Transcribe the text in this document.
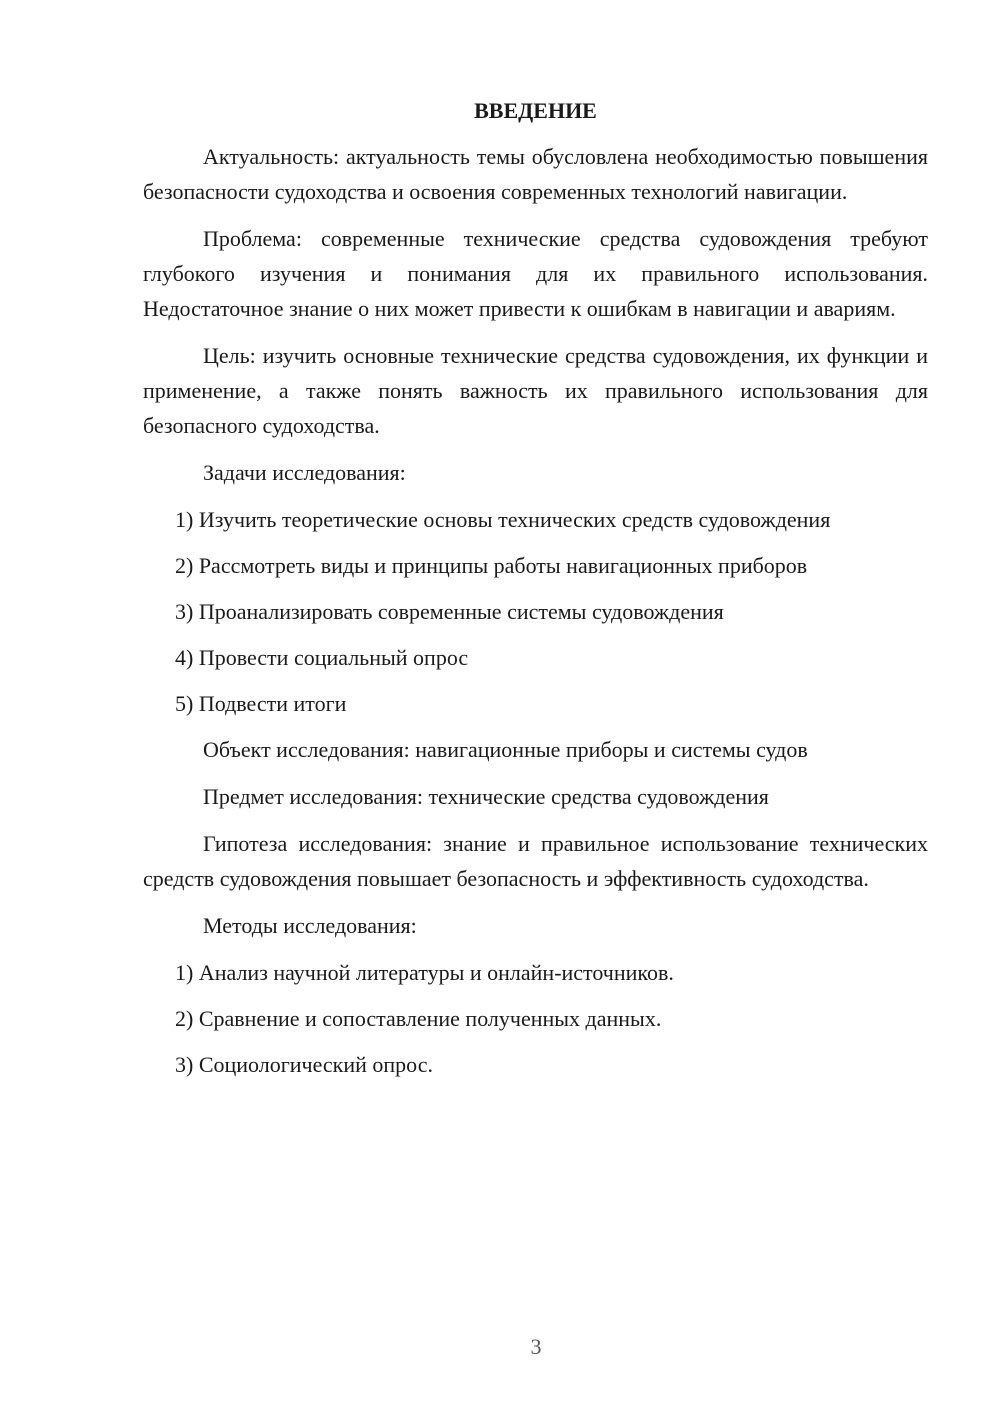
ВВЕДЕНИЕ
Актуальность: актуальность темы обусловлена необходимостью повышения безопасности судоходства и освоения современных технологий навигации.
Проблема: современные технические средства судовождения требуют глубокого изучения и понимания для их правильного использования. Недостаточное знание о них может привести к ошибкам в навигации и авариям.
Цель: изучить основные технические средства судовождения, их функции и применение, а также понять важность их правильного использования для безопасного судоходства.
Задачи исследования:
1) Изучить теоретические основы технических средств судовождения
2) Рассмотреть виды и принципы работы навигационных приборов
3) Проанализировать современные системы судовождения
4) Провести социальный опрос
5) Подвести итоги
Объект исследования: навигационные приборы и системы судов
Предмет исследования: технические средства судовождения
Гипотеза исследования: знание и правильное использование технических средств судовождения повышает безопасность и эффективность судоходства.
Методы исследования:
1) Анализ научной литературы и онлайн-источников.
2) Сравнение и сопоставление полученных данных.
3) Социологический опрос.
3
